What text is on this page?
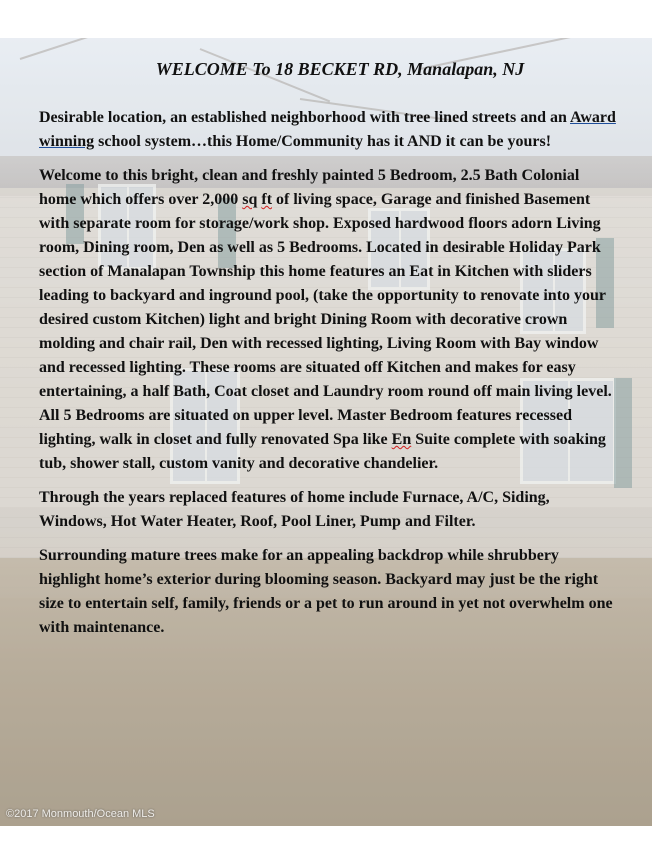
WELCOME To 18 BECKET RD, Manalapan, NJ

Desirable location, an established neighborhood with tree lined streets and an Award winning school system…this Home/Community has it AND it can be yours!

Welcome to this bright, clean and freshly painted 5 Bedroom, 2.5 Bath Colonial home which offers over 2,000 sq ft of living space, Garage and finished Basement with separate room for storage/work shop. Exposed hardwood floors adorn Living room, Dining room, Den as well as 5 Bedrooms. Located in desirable Holiday Park section of Manalapan Township this home features an Eat in Kitchen with sliders leading to backyard and inground pool, (take the opportunity to renovate into your desired custom Kitchen) light and bright Dining Room with decorative crown molding and chair rail, Den with recessed lighting, Living Room with Bay window and recessed lighting. These rooms are situated off Kitchen and makes for easy entertaining, a half Bath, Coat closet and Laundry room round off main living level. All 5 Bedrooms are situated on upper level. Master Bedroom features recessed lighting, walk in closet and fully renovated Spa like En Suite complete with soaking tub, shower stall, custom vanity and decorative chandelier.

Through the years replaced features of home include Furnace, A/C, Siding, Windows, Hot Water Heater, Roof, Pool Liner, Pump and Filter.

Surrounding mature trees make for an appealing backdrop while shrubbery highlight home’s exterior during blooming season. Backyard may just be the right size to entertain self, family, friends or a pet to run around in yet not overwhelm one with maintenance.

©2017 Monmouth/Ocean MLS
